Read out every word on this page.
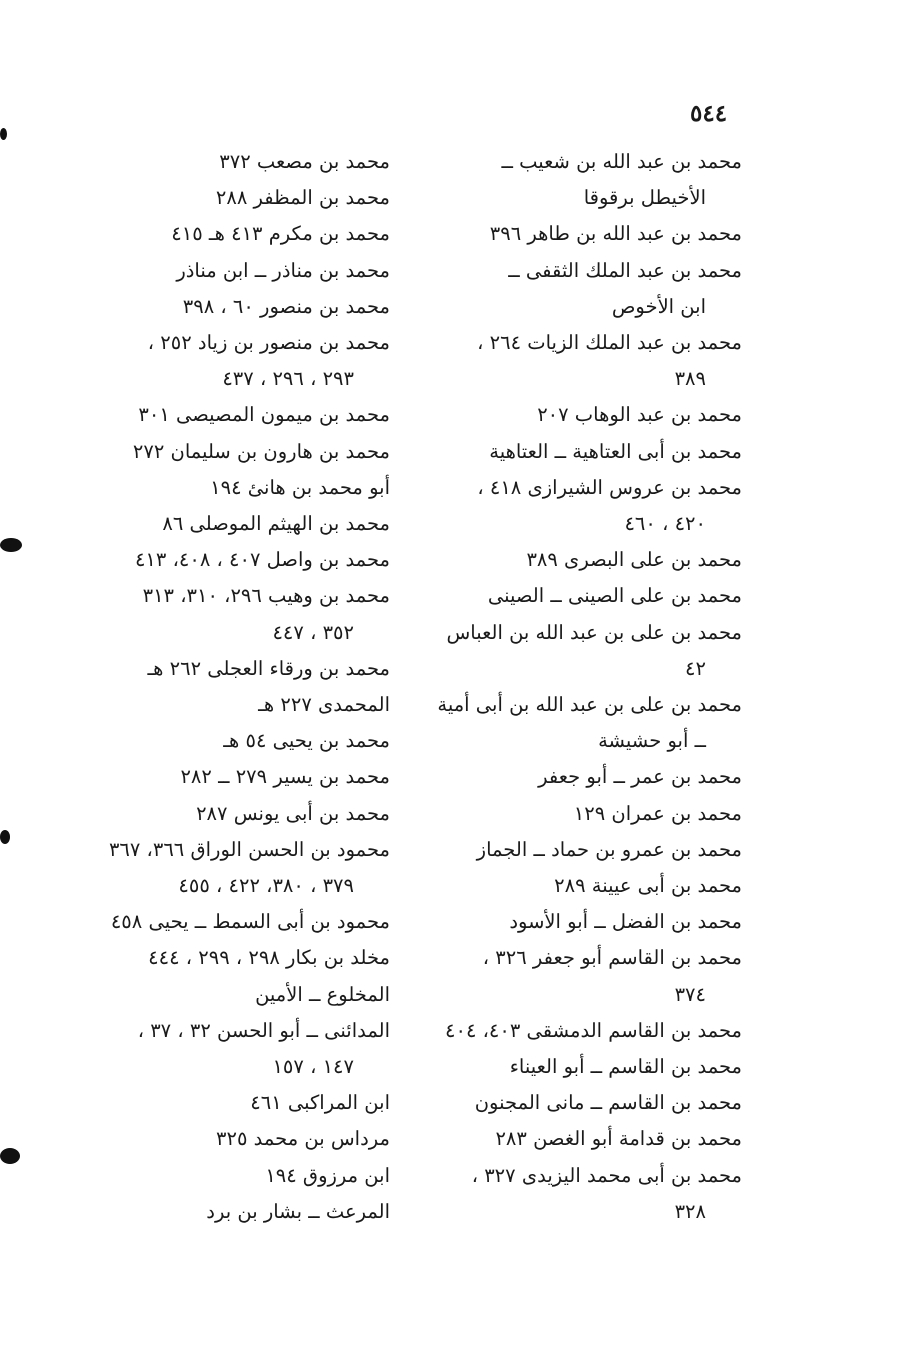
٥٤٤
محمد بن عبد الله بن شعيب ــ
الأخيطل برقوقا
محمد بن عبد الله بن طاهر ٣٩٦
محمد بن عبد الملك الثقفى ــ
ابن الأخوص
محمد بن عبد الملك الزيات ٢٦٤ ،
٣٨٩
محمد بن عبد الوهاب ٢٠٧
محمد بن أبى العتاهية ــ العتاهية
محمد بن عروس الشيرازى ٤١٨ ،
٤٢٠ ، ٤٦٠
محمد بن على البصرى ٣٨٩
محمد بن على الصينى ــ الصينى
محمد بن على بن عبد الله بن العباس
٤٢
محمد بن على بن عبد الله بن أبى أمية
ــ أبو حشيشة
محمد بن عمر ــ أبو جعفر
محمد بن عمران ١٢٩
محمد بن عمرو بن حماد ــ الجماز
محمد بن أبى عيينة ٢٨٩
محمد بن الفضل ــ أبو الأسود
محمد بن القاسم أبو جعفر ٣٢٦ ،
٣٧٤
محمد بن القاسم الدمشقى ٤٠٣، ٤٠٤
محمد بن القاسم ــ أبو العيناء
محمد بن القاسم ــ مانى المجنون
محمد بن قدامة أبو الغصن ٢٨٣
محمد بن أبى محمد اليزيدى ٣٢٧ ،
٣٢٨
محمد بن مصعب ٣٧٢
محمد بن المظفر ٢٨٨
محمد بن مكرم ٤١٣ هـ ٤١٥
محمد بن مناذر ــ ابن مناذر
محمد بن منصور ٦٠ ، ٣٩٨
محمد بن منصور بن زياد ٢٥٢ ،
٢٩٣ ، ٢٩٦ ، ٤٣٧
محمد بن ميمون المصيصى ٣٠١
محمد بن هارون بن سليمان ٢٧٢
أبو محمد بن هانئ ١٩٤
محمد بن الهيثم الموصلى ٨٦
محمد بن واصل ٤٠٧ ، ٤٠٨، ٤١٣
محمد بن وهيب ٢٩٦، ٣١٠، ٣١٣
٣٥٢ ، ٤٤٧
محمد بن ورقاء العجلى ٢٦٢ هـ
المحمدى ٢٢٧ هـ
محمد بن يحيى ٥٤ هـ
محمد بن يسير ٢٧٩ ــ ٢٨٢
محمد بن أبى يونس ٢٨٧
محمود بن الحسن الوراق ٣٦٦، ٣٦٧
٣٧٩ ، ٣٨٠، ٤٢٢ ، ٤٥٥
محمود بن أبى السمط ــ يحيى ٤٥٨
مخلد بن بكار ٢٩٨ ، ٢٩٩ ، ٤٤٤
المخلوع ــ الأمين
المدائنى ــ أبو الحسن ٣٢ ، ٣٧ ،
١٤٧ ، ١٥٧
ابن المراكبى ٤٦١
مرداس بن محمد ٣٢٥
ابن مرزوق ١٩٤
المرعث ــ بشار بن برد
